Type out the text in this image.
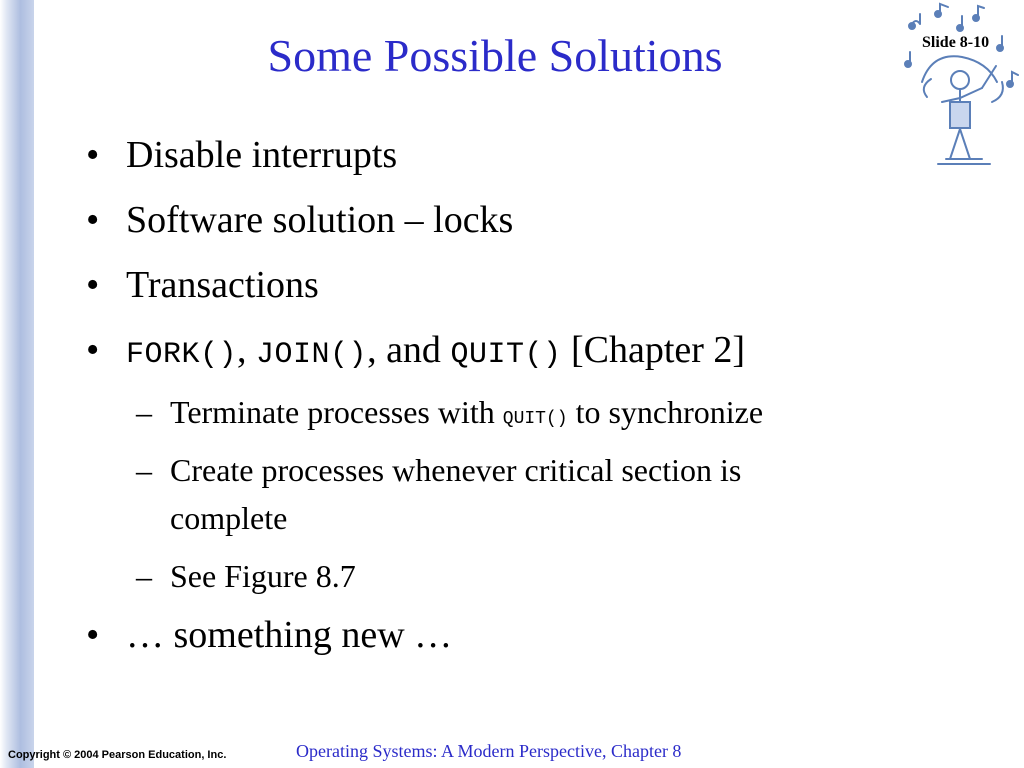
Some Possible Solutions	Slide 8-10
• Disable interrupts
• Software solution – locks
• Transactions
• FORK(), JOIN(), and QUIT() [Chapter 2]
– Terminate processes with QUIT() to synchronize
– Create processes whenever critical section is
complete
– See Figure 8.7
• … something new …
Copyright © 2004 Pearson Education, Inc.	Operating Systems: A Modern Perspective, Chapter 8
